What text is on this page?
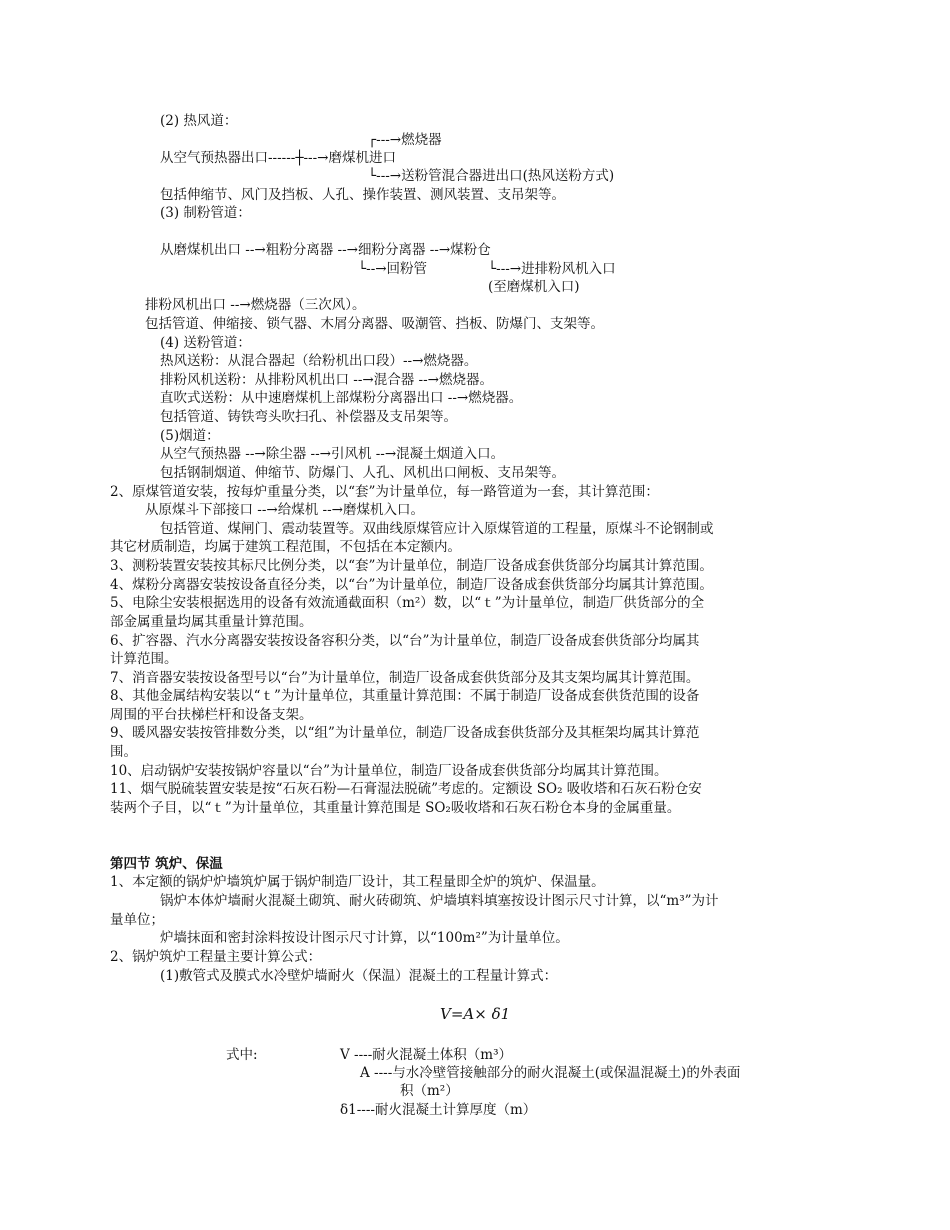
(2) 热风道：
┌---→燃烧器
从空气预热器出口------┼---→磨煤机进口
└---→送粉管混合器进出口(热风送粉方式)
包括伸缩节、风门及挡板、人孔、操作装置、测风装置、支吊架等。
(3) 制粉管道：
从磨煤机出口 --→粗粉分离器 --→细粉分离器 --→煤粉仓
└--→回粉管	└---→进排粉风机入口
(至磨煤机入口)
排粉风机出口 --→燃烧器（三次风）。
包括管道、伸缩接、锁气器、木屑分离器、吸潮管、挡板、防爆门、支架等。
(4) 送粉管道：
热风送粉：从混合器起（给粉机出口段）--→燃烧器。
排粉风机送粉：从排粉风机出口 --→混合器 --→燃烧器。
直吹式送粉：从中速磨煤机上部煤粉分离器出口 --→燃烧器。
包括管道、铸铁弯头吹扫孔、补偿器及支吊架等。
(5)烟道：
从空气预热器 --→除尘器 --→引风机 --→混凝土烟道入口。
包括钢制烟道、伸缩节、防爆门、人孔、风机出口闸板、支吊架等。
2、原煤管道安装，按每炉重量分类，以“套”为计量单位，每一路管道为一套，其计算范围：
从原煤斗下部接口 --→给煤机 --→磨煤机入口。
包括管道、煤闸门、震动装置等。双曲线原煤管应计入原煤管道的工程量，原煤斗不论钢制或
其它材质制造，均属于建筑工程范围，不包括在本定额内。
3、测粉装置安装按其标尺比例分类，以“套”为计量单位，制造厂设备成套供货部分均属其计算范围。
4、煤粉分离器安装按设备直径分类，以“台”为计量单位，制造厂设备成套供货部分均属其计算范围。
5、电除尘安装根据选用的设备有效流通截面积（m²）数，以“ｔ”为计量单位，制造厂供货部分的全
部金属重量均属其重量计算范围。
6、扩容器、汽水分离器安装按设备容积分类，以“台”为计量单位，制造厂设备成套供货部分均属其
计算范围。
7、消音器安装按设备型号以“台”为计量单位，制造厂设备成套供货部分及其支架均属其计算范围。
8、其他金属结构安装以“ｔ”为计量单位，其重量计算范围：不属于制造厂设备成套供货范围的设备
周围的平台扶梯栏杆和设备支架。
9、暖风器安装按管排数分类，以“组”为计量单位，制造厂设备成套供货部分及其框架均属其计算范
围。
10、启动锅炉安装按锅炉容量以“台”为计量单位，制造厂设备成套供货部分均属其计算范围。
11、烟气脱硫装置安装是按“石灰石粉—石膏湿法脱硫”考虑的。定额设 SO₂ 吸收塔和石灰石粉仓安
装两个子目，以“ｔ”为计量单位，其重量计算范围是 SO₂吸收塔和石灰石粉仓本身的金属重量。
第四节 筑炉、保温
1、本定额的锅炉炉墙筑炉属于锅炉制造厂设计，其工程量即全炉的筑炉、保温量。
锅炉本体炉墙耐火混凝土砌筑、耐火砖砌筑、炉墙填料填塞按设计图示尺寸计算，以“m³”为计
量单位；
炉墙抹面和密封涂料按设计图示尺寸计算，以“100m²”为计量单位。
2、锅炉筑炉工程量主要计算公式：
(1)敷管式及膜式水冷壁炉墙耐火（保温）混凝土的工程量计算式：
V=A× δ1
式中:	V ----耐火混凝土体积（m³）
A ----与水冷壁管接触部分的耐火混凝土(或保温混凝土)的外表面
积（m²）
δ1----耐火混凝土计算厚度（m）
